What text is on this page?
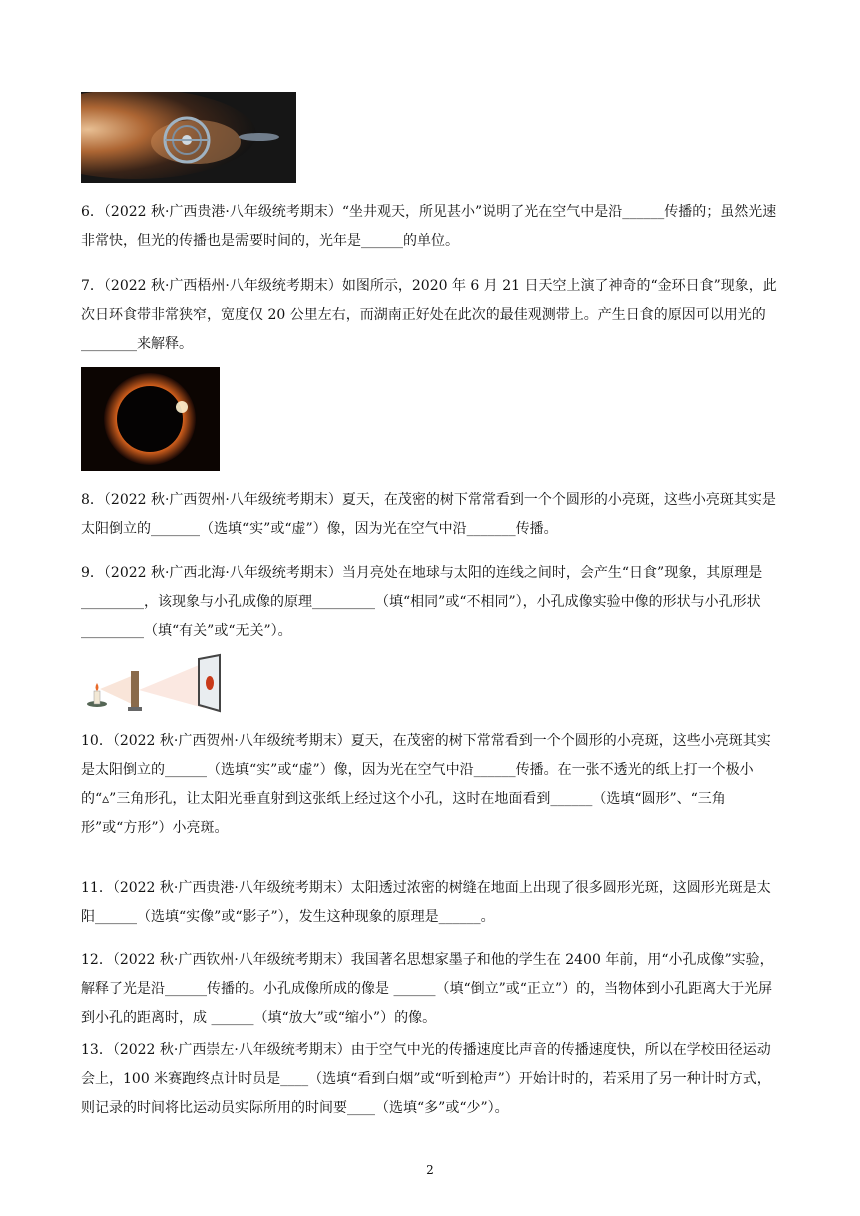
6．（2022 秋·广西贵港·八年级统考期末）“坐井观天，所见甚小”说明了光在空气中是沿______传播的；虽然光速非常快，但光的传播也是需要时间的，光年是______的单位。

7．（2022 秋·广西梧州·八年级统考期末）如图所示，2020 年 6 月 21 日天空上演了神奇的“金环日食”现象，此次日环食带非常狭窄，宽度仅 20 公里左右，而湖南正好处在此次的最佳观测带上。产生日食的原因可以用光的________来解释。

8．（2022 秋·广西贺州·八年级统考期末）夏天，在茂密的树下常常看到一个个圆形的小亮斑，这些小亮斑其实是太阳倒立的_______（选填“实”或“虚”）像，因为光在空气中沿_______传播。

9．（2022 秋·广西北海·八年级统考期末）当月亮处在地球与太阳的连线之间时，会产生“日食”现象，其原理是_________，该现象与小孔成像的原理_________（填“相同”或“不相同”），小孔成像实验中像的形状与小孔形状_________（填“有关”或“无关”）。

10．（2022 秋·广西贺州·八年级统考期末）夏天，在茂密的树下常常看到一个个圆形的小亮斑，这些小亮斑其实是太阳倒立的______（选填“实”或“虚”）像，因为光在空气中沿______传播。在一张不透光的纸上打一个极小的“▵”三角形孔，让太阳光垂直射到这张纸上经过这个小孔，这时在地面看到______（选填“圆形”、“三角形”或“方形”）小亮斑。

11．（2022 秋·广西贵港·八年级统考期末）太阳透过浓密的树缝在地面上出现了很多圆形光斑，这圆形光斑是太阳______（选填“实像”或“影子”），发生这种现象的原理是______。

12．（2022 秋·广西钦州·八年级统考期末）我国著名思想家墨子和他的学生在 2400 年前，用“小孔成像”实验，解释了光是沿______传播的。小孔成像所成的像是 ______（填“倒立”或“正立”）的，当物体到小孔距离大于光屏到小孔的距离时，成 ______（填“放大”或“缩小”）的像。

13．（2022 秋·广西崇左·八年级统考期末）由于空气中光的传播速度比声音的传播速度快，所以在学校田径运动会上，100 米赛跑终点计时员是____（选填“看到白烟”或“听到枪声”）开始计时的，若采用了另一种计时方式，则记录的时间将比运动员实际所用的时间要____（选填“多”或“少”）。

2
